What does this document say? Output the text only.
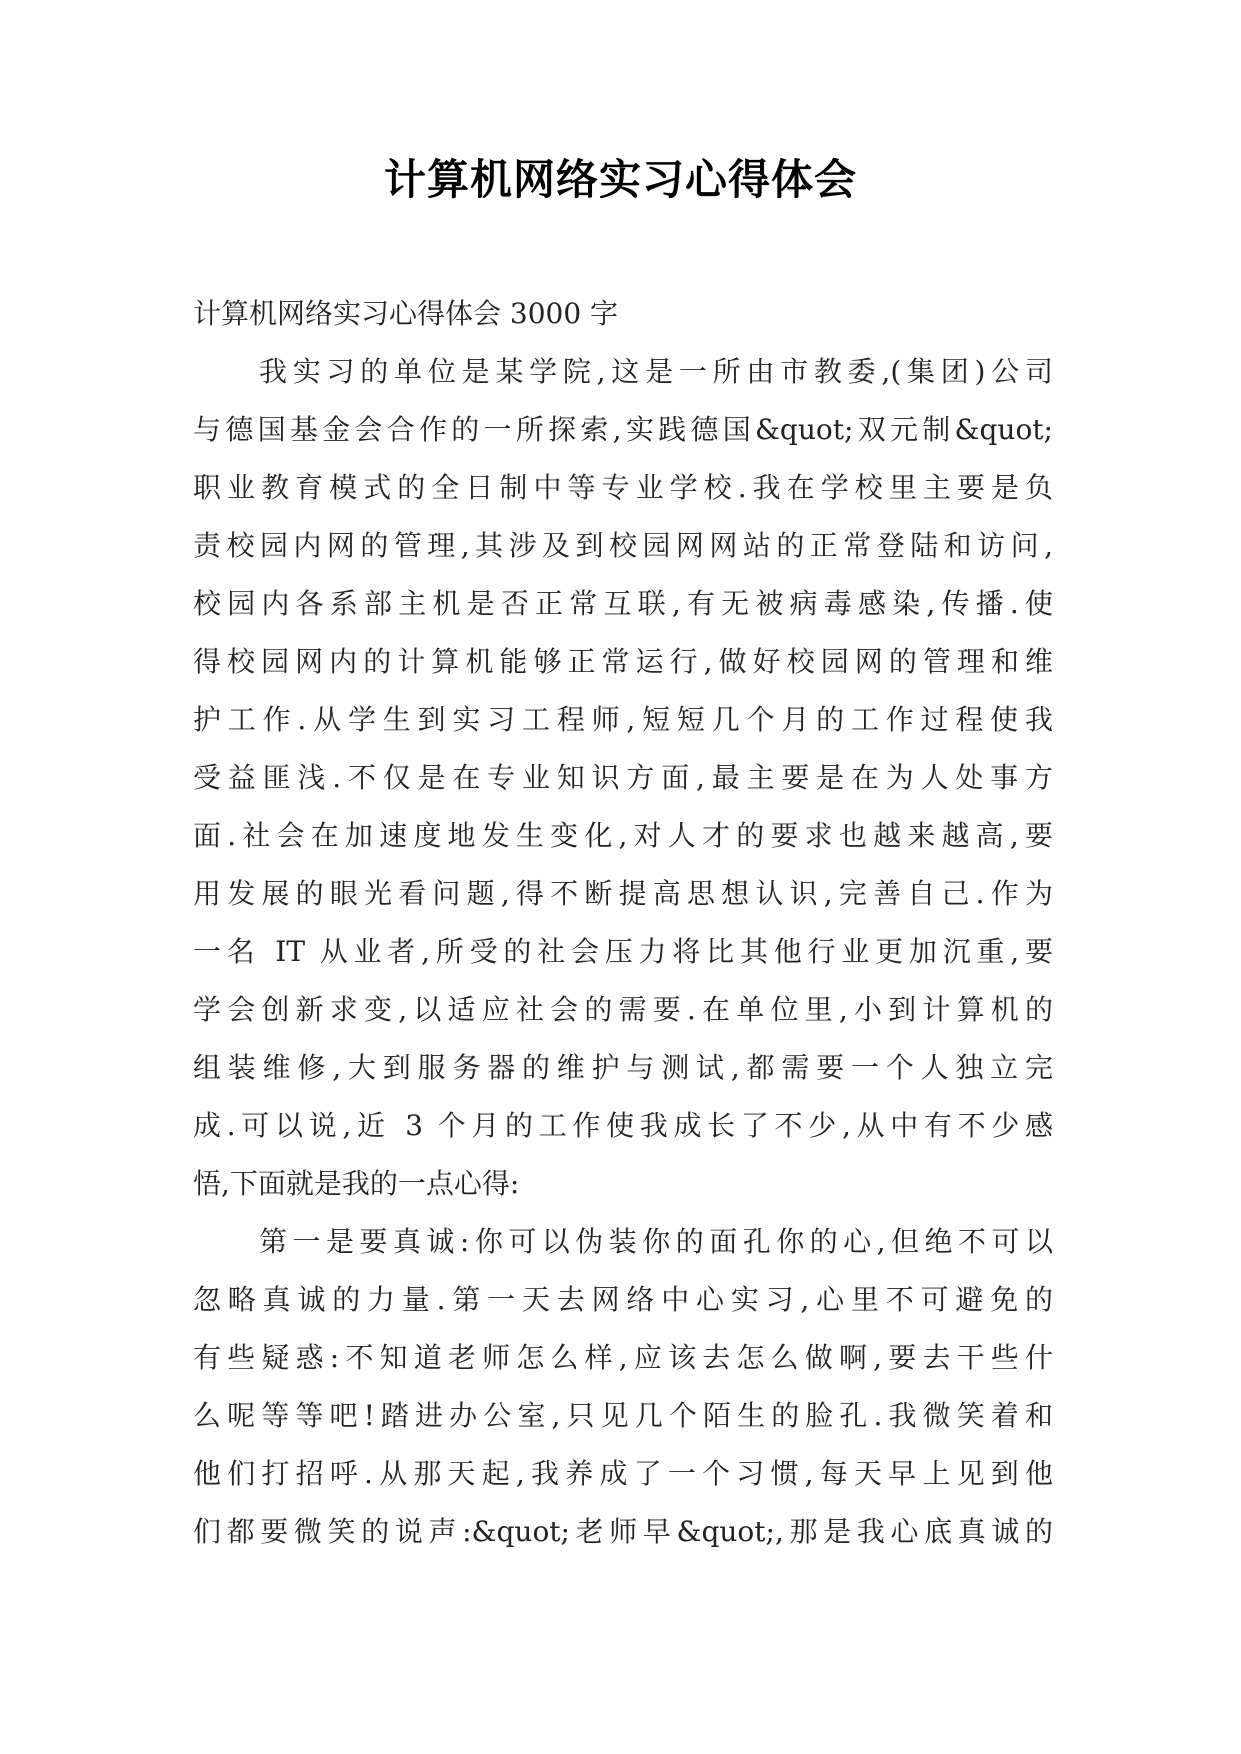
计算机网络实习心得体会
计算机网络实习心得体会 3000 字
我实习的单位是某学院,这是一所由市教委,(集团)公司
与德国基金会合作的一所探索,实践德国&quot;双元制&quot;
职业教育模式的全日制中等专业学校.我在学校里主要是负
责校园内网的管理,其涉及到校园网网站的正常登陆和访问,
校园内各系部主机是否正常互联,有无被病毒感染,传播.使
得校园网内的计算机能够正常运行,做好校园网的管理和维
护工作.从学生到实习工程师,短短几个月的工作过程使我
受益匪浅.不仅是在专业知识方面,最主要是在为人处事方
面.社会在加速度地发生变化,对人才的要求也越来越高,要
用发展的眼光看问题,得不断提高思想认识,完善自己.作为
一名 IT 从业者,所受的社会压力将比其他行业更加沉重,要
学会创新求变,以适应社会的需要.在单位里,小到计算机的
组装维修,大到服务器的维护与测试,都需要一个人独立完
成.可以说,近 3 个月的工作使我成长了不少,从中有不少感
悟,下面就是我的一点心得:
第一是要真诚:你可以伪装你的面孔你的心,但绝不可以
忽略真诚的力量.第一天去网络中心实习,心里不可避免的
有些疑惑:不知道老师怎么样,应该去怎么做啊,要去干些什
么呢等等吧!踏进办公室,只见几个陌生的脸孔.我微笑着和
他们打招呼.从那天起,我养成了一个习惯,每天早上见到他
们都要微笑的说声:&quot;老师早&quot;,那是我心底真诚的
